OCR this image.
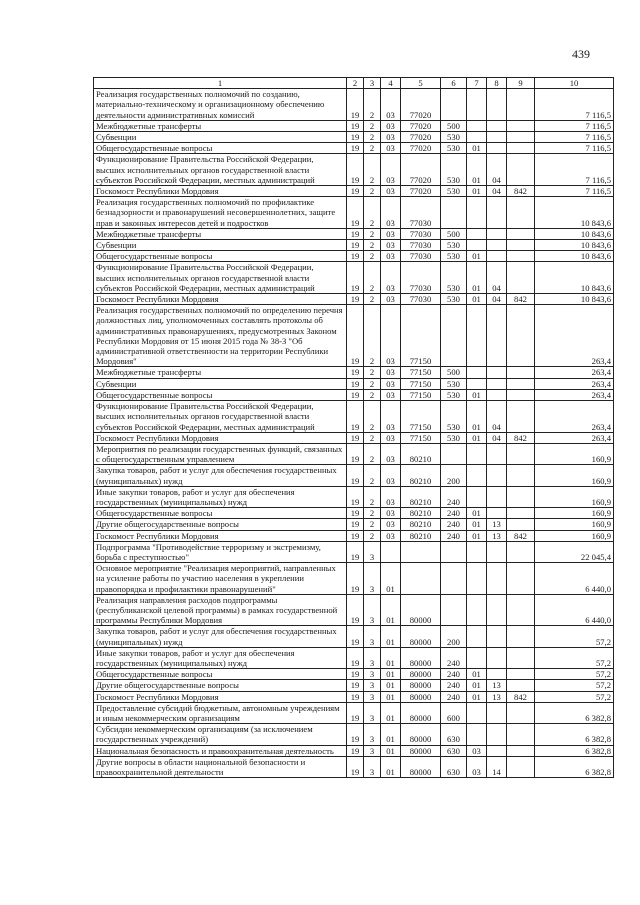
439
1	2	3	4	5	6	7	8	9	10
Реализация государственных полномочий по созданию, материально-техническому и организационному обеспечению деятельности административных комиссий	19	2	03	77020					7 116,5
Межбюджетные трансферты	19	2	03	77020	500				7 116,5
Субвенции	19	2	03	77020	530				7 116,5
Общегосударственные вопросы	19	2	03	77020	530	01			7 116,5
Функционирование Правительства Российской Федерации, высших исполнительных органов государственной власти субъектов Российской Федерации, местных администраций	19	2	03	77020	530	01	04		7 116,5
Госкомост Республики Мордовия	19	2	03	77020	530	01	04	842	7 116,5
Реализация государственных полномочий по профилактике безнадзорности и правонарушений несовершеннолетних, защите прав и законных интересов детей и подростков	19	2	03	77030					10 843,6
Межбюджетные трансферты	19	2	03	77030	500				10 843,6
Субвенции	19	2	03	77030	530				10 843,6
Общегосударственные вопросы	19	2	03	77030	530	01			10 843,6
Функционирование Правительства Российской Федерации, высших исполнительных органов государственной власти субъектов Российской Федерации, местных администраций	19	2	03	77030	530	01	04		10 843,6
Госкомост Республики Мордовия	19	2	03	77030	530	01	04	842	10 843,6
Реализация государственных полномочий по определению перечня должностных лиц, уполномоченных составлять протоколы об административных правонарушениях, предусмотренных Законом Республики Мордовия от 15 июня 2015 года № 38-З "Об административной ответственности на территории Республики Мордовия"	19	2	03	77150					263,4
Межбюджетные трансферты	19	2	03	77150	500				263,4
Субвенции	19	2	03	77150	530				263,4
Общегосударственные вопросы	19	2	03	77150	530	01			263,4
Функционирование Правительства Российской Федерации, высших исполнительных органов государственной власти субъектов Российской Федерации, местных администраций	19	2	03	77150	530	01	04		263,4
Госкомост Республики Мордовия	19	2	03	77150	530	01	04	842	263,4
Мероприятия по реализации государственных функций, связанных с общегосударственным управлением	19	2	03	80210					160,9
Закупка товаров, работ и услуг для обеспечения государственных (муниципальных) нужд	19	2	03	80210	200				160,9
Иные закупки товаров, работ и услуг для обеспечения государственных (муниципальных) нужд	19	2	03	80210	240				160,9
Общегосударственные вопросы	19	2	03	80210	240	01			160,9
Другие общегосударственные вопросы	19	2	03	80210	240	01	13		160,9
Госкомост Республики Мордовия	19	2	03	80210	240	01	13	842	160,9
Подпрограмма "Противодействие терроризму и экстремизму, борьба с преступностью"	19	3							22 045,4
Основное мероприятие "Реализация мероприятий, направленных на усиление работы по участию населения в укреплении правопорядка и профилактики правонарушений"	19	3	01						6 440,0
Реализация направления расходов подпрограммы (республиканской целевой программы) в рамках государственной программы Республики Мордовия	19	3	01	80000					6 440,0
Закупка товаров, работ и услуг для обеспечения государственных (муниципальных) нужд	19	3	01	80000	200				57,2
Иные закупки товаров, работ и услуг для обеспечения государственных (муниципальных) нужд	19	3	01	80000	240				57,2
Общегосударственные вопросы	19	3	01	80000	240	01			57,2
Другие общегосударственные вопросы	19	3	01	80000	240	01	13		57,2
Госкомост Республики Мордовия	19	3	01	80000	240	01	13	842	57,2
Предоставление субсидий бюджетным, автономным учреждениям и иным некоммерческим организациям	19	3	01	80000	600				6 382,8
Субсидии некоммерческим организациям (за исключением государственных учреждений)	19	3	01	80000	630				6 382,8
Национальная безопасность и правоохранительная деятельность	19	3	01	80000	630	03			6 382,8
Другие вопросы в области национальной безопасности и правоохранительной деятельности	19	3	01	80000	630	03	14		6 382,8
